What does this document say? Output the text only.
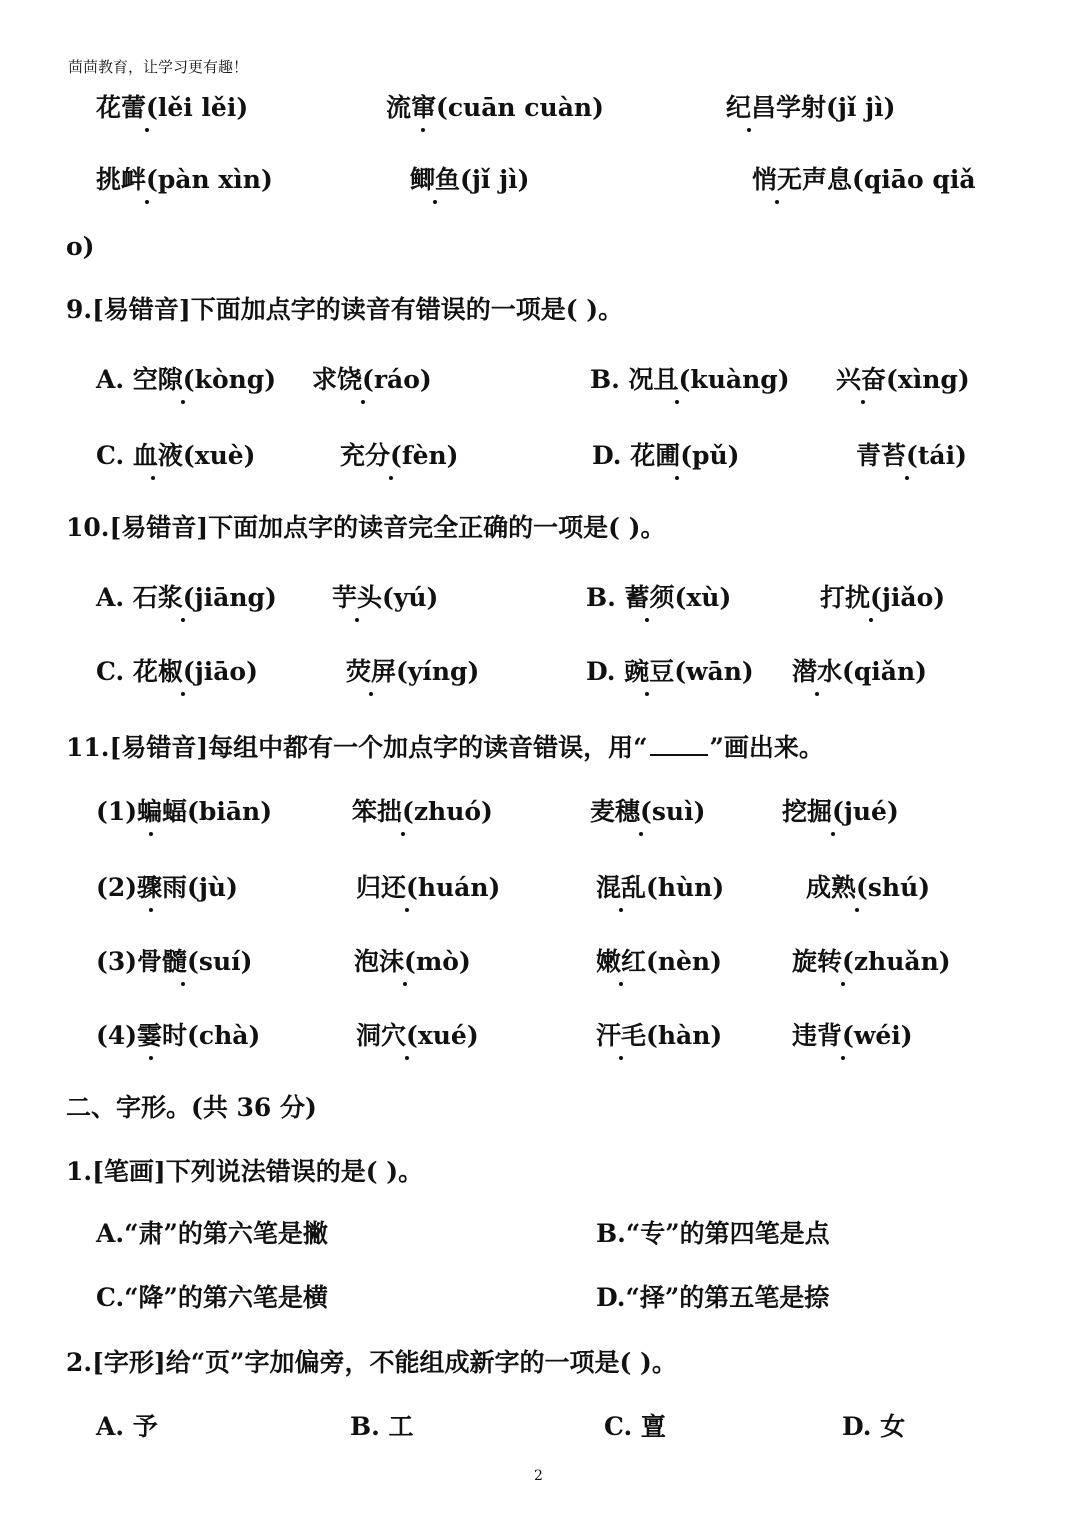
茴茴教育，让学习更有趣！
花蕾(lěi lěi)	流窜(cuān cuàn)	纪昌学射(jǐ jì)
挑衅(pàn xìn)	鲫鱼(jǐ jì)	悄无声息(qiāo qiǎ
A. 空隙(kòng) 求饶(ráo)	B. 况且(kuàng) 兴奋(xìng)
C. 血液(xuè)	充分(fèn)	D. 花圃(pǔ)	青苔(tái)
A. 石浆(jiāng) 芋头(yú)	B. 蓄须(xù)	打扰(jiǎo)
C. 花椒(jiāo)	荧屏(yíng)	D. 豌豆(wān) 潜水(qiǎn)
(1)蝙蝠(biān)	笨拙(zhuó)	麦穗(suì)	挖掘(jué)
(2)骤雨(jù)	归还(huán)	混乱(hùn)	成熟(shú)
(3)骨髓(suí)	泡沫(mò)	嫩红(nèn)	旋转(zhuǎn)
(4)霎时(chà)	洞穴(xué)	汗毛(hàn)	违背(wéi)
A.“肃”的第六笔是撇	B.“专”的第四笔是点
C.“降”的第六笔是横	D.“择”的第五笔是捺
A. 予	B. 工	C. 亶	D. 女
9.[易错音]下面加点字的读音有错误的一项是( )。
10.[易错音]下面加点字的读音完全正确的一项是( )。
11.[易错音]每组中都有一个加点字的读音错误，用“ ”画出来。
二、字形。(共 36 分)
1.[笔画]下列说法错误的是( )。
2.[字形]给“页”字加偏旁，不能组成新字的一项是( )。
o)
2
